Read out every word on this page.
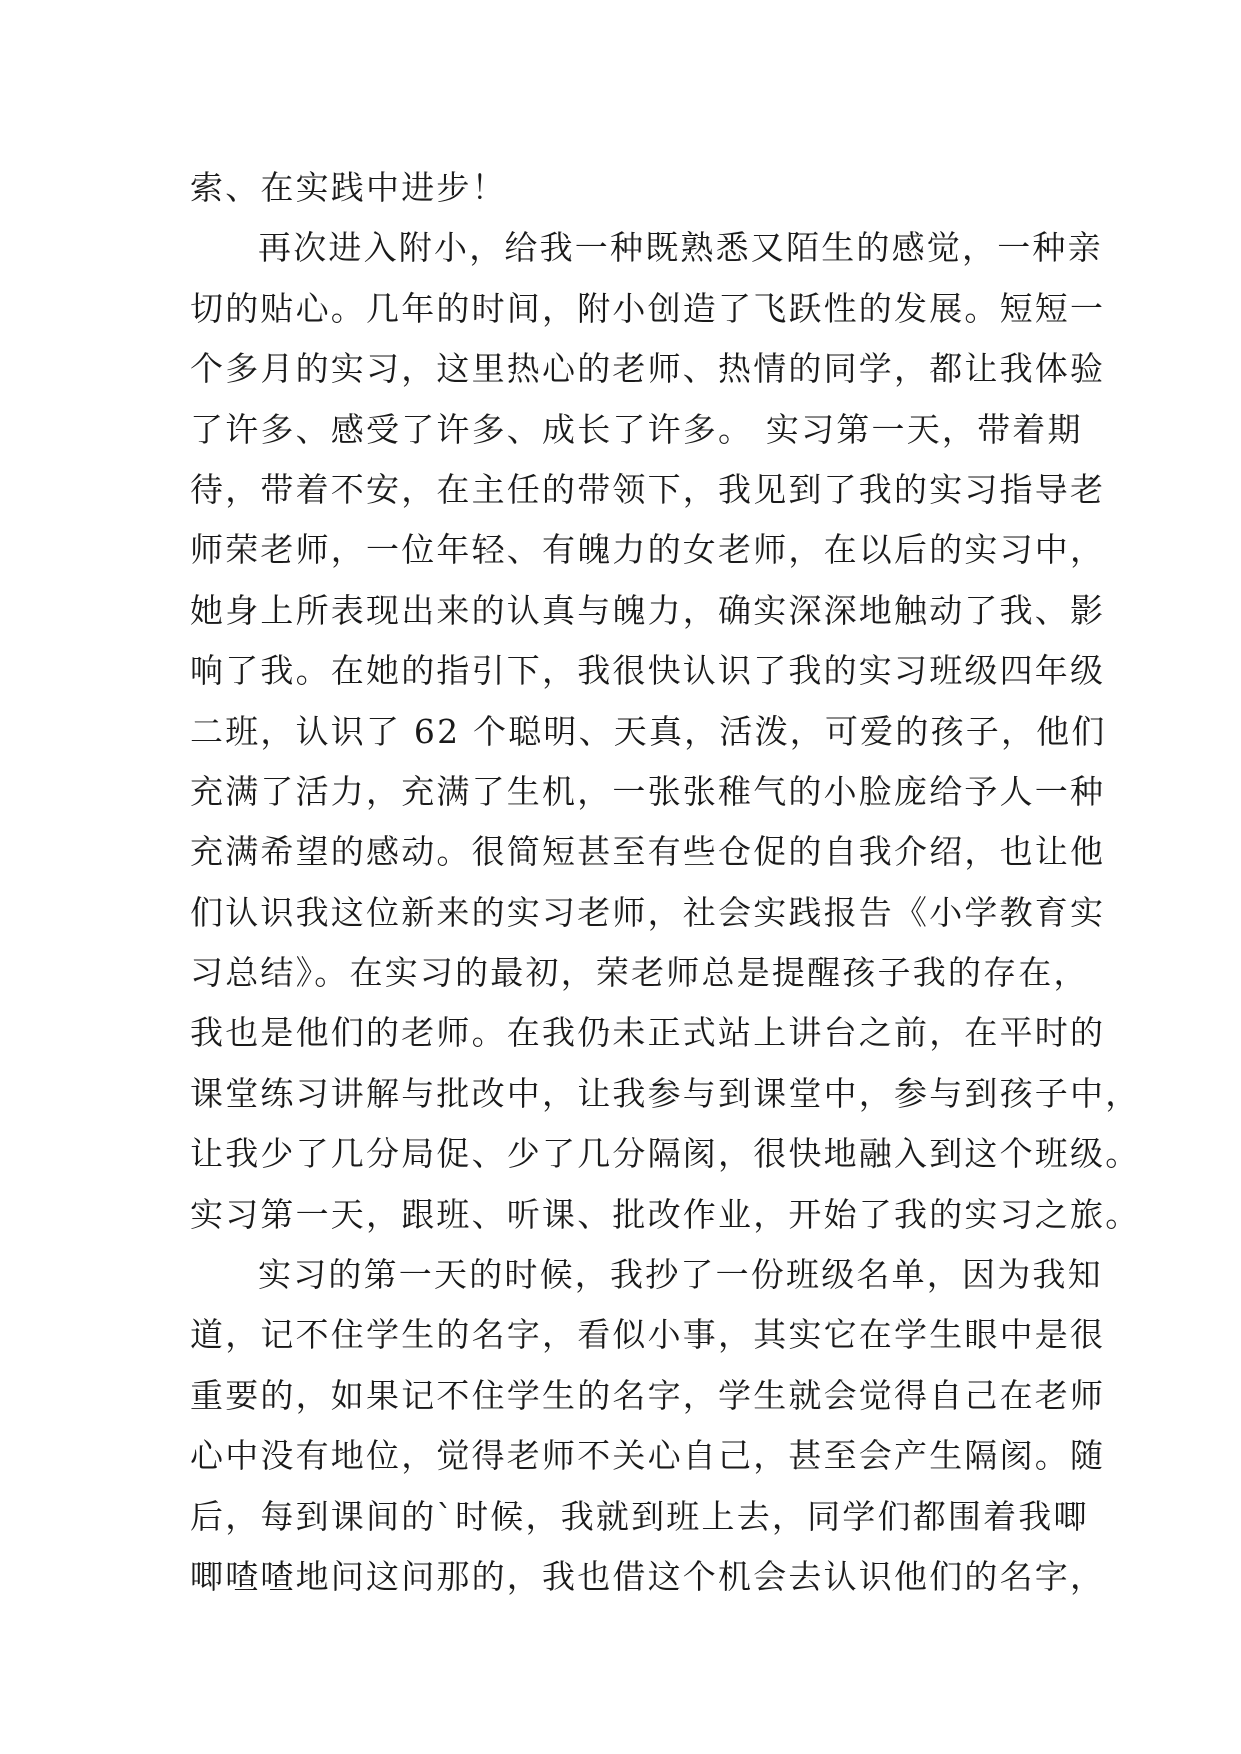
索、在实践中进步！
再次进入附小，给我一种既熟悉又陌生的感觉，一种亲
切的贴心。几年的时间，附小创造了飞跃性的发展。短短一
个多月的实习，这里热心的老师、热情的同学，都让我体验
了许多、感受了许多、成长了许多。 实习第一天，带着期
待，带着不安，在主任的带领下，我见到了我的实习指导老
师荣老师，一位年轻、有魄力的女老师，在以后的实习中，
她身上所表现出来的认真与魄力，确实深深地触动了我、影
响了我。在她的指引下，我很快认识了我的实习班级四年级
二班，认识了 62 个聪明、天真，活泼，可爱的孩子，他们
充满了活力，充满了生机，一张张稚气的小脸庞给予人一种
充满希望的感动。很简短甚至有些仓促的自我介绍，也让他
们认识我这位新来的实习老师，社会实践报告《小学教育实
习总结》。在实习的最初，荣老师总是提醒孩子我的存在，
我也是他们的老师。在我仍未正式站上讲台之前，在平时的
课堂练习讲解与批改中，让我参与到课堂中，参与到孩子中，
让我少了几分局促、少了几分隔阂，很快地融入到这个班级。
实习第一天，跟班、听课、批改作业，开始了我的实习之旅。
实习的第一天的时候，我抄了一份班级名单，因为我知
道，记不住学生的名字，看似小事，其实它在学生眼中是很
重要的，如果记不住学生的名字，学生就会觉得自己在老师
心中没有地位，觉得老师不关心自己，甚至会产生隔阂。随
后，每到课间的`时候，我就到班上去，同学们都围着我唧
唧喳喳地问这问那的，我也借这个机会去认识他们的名字，
